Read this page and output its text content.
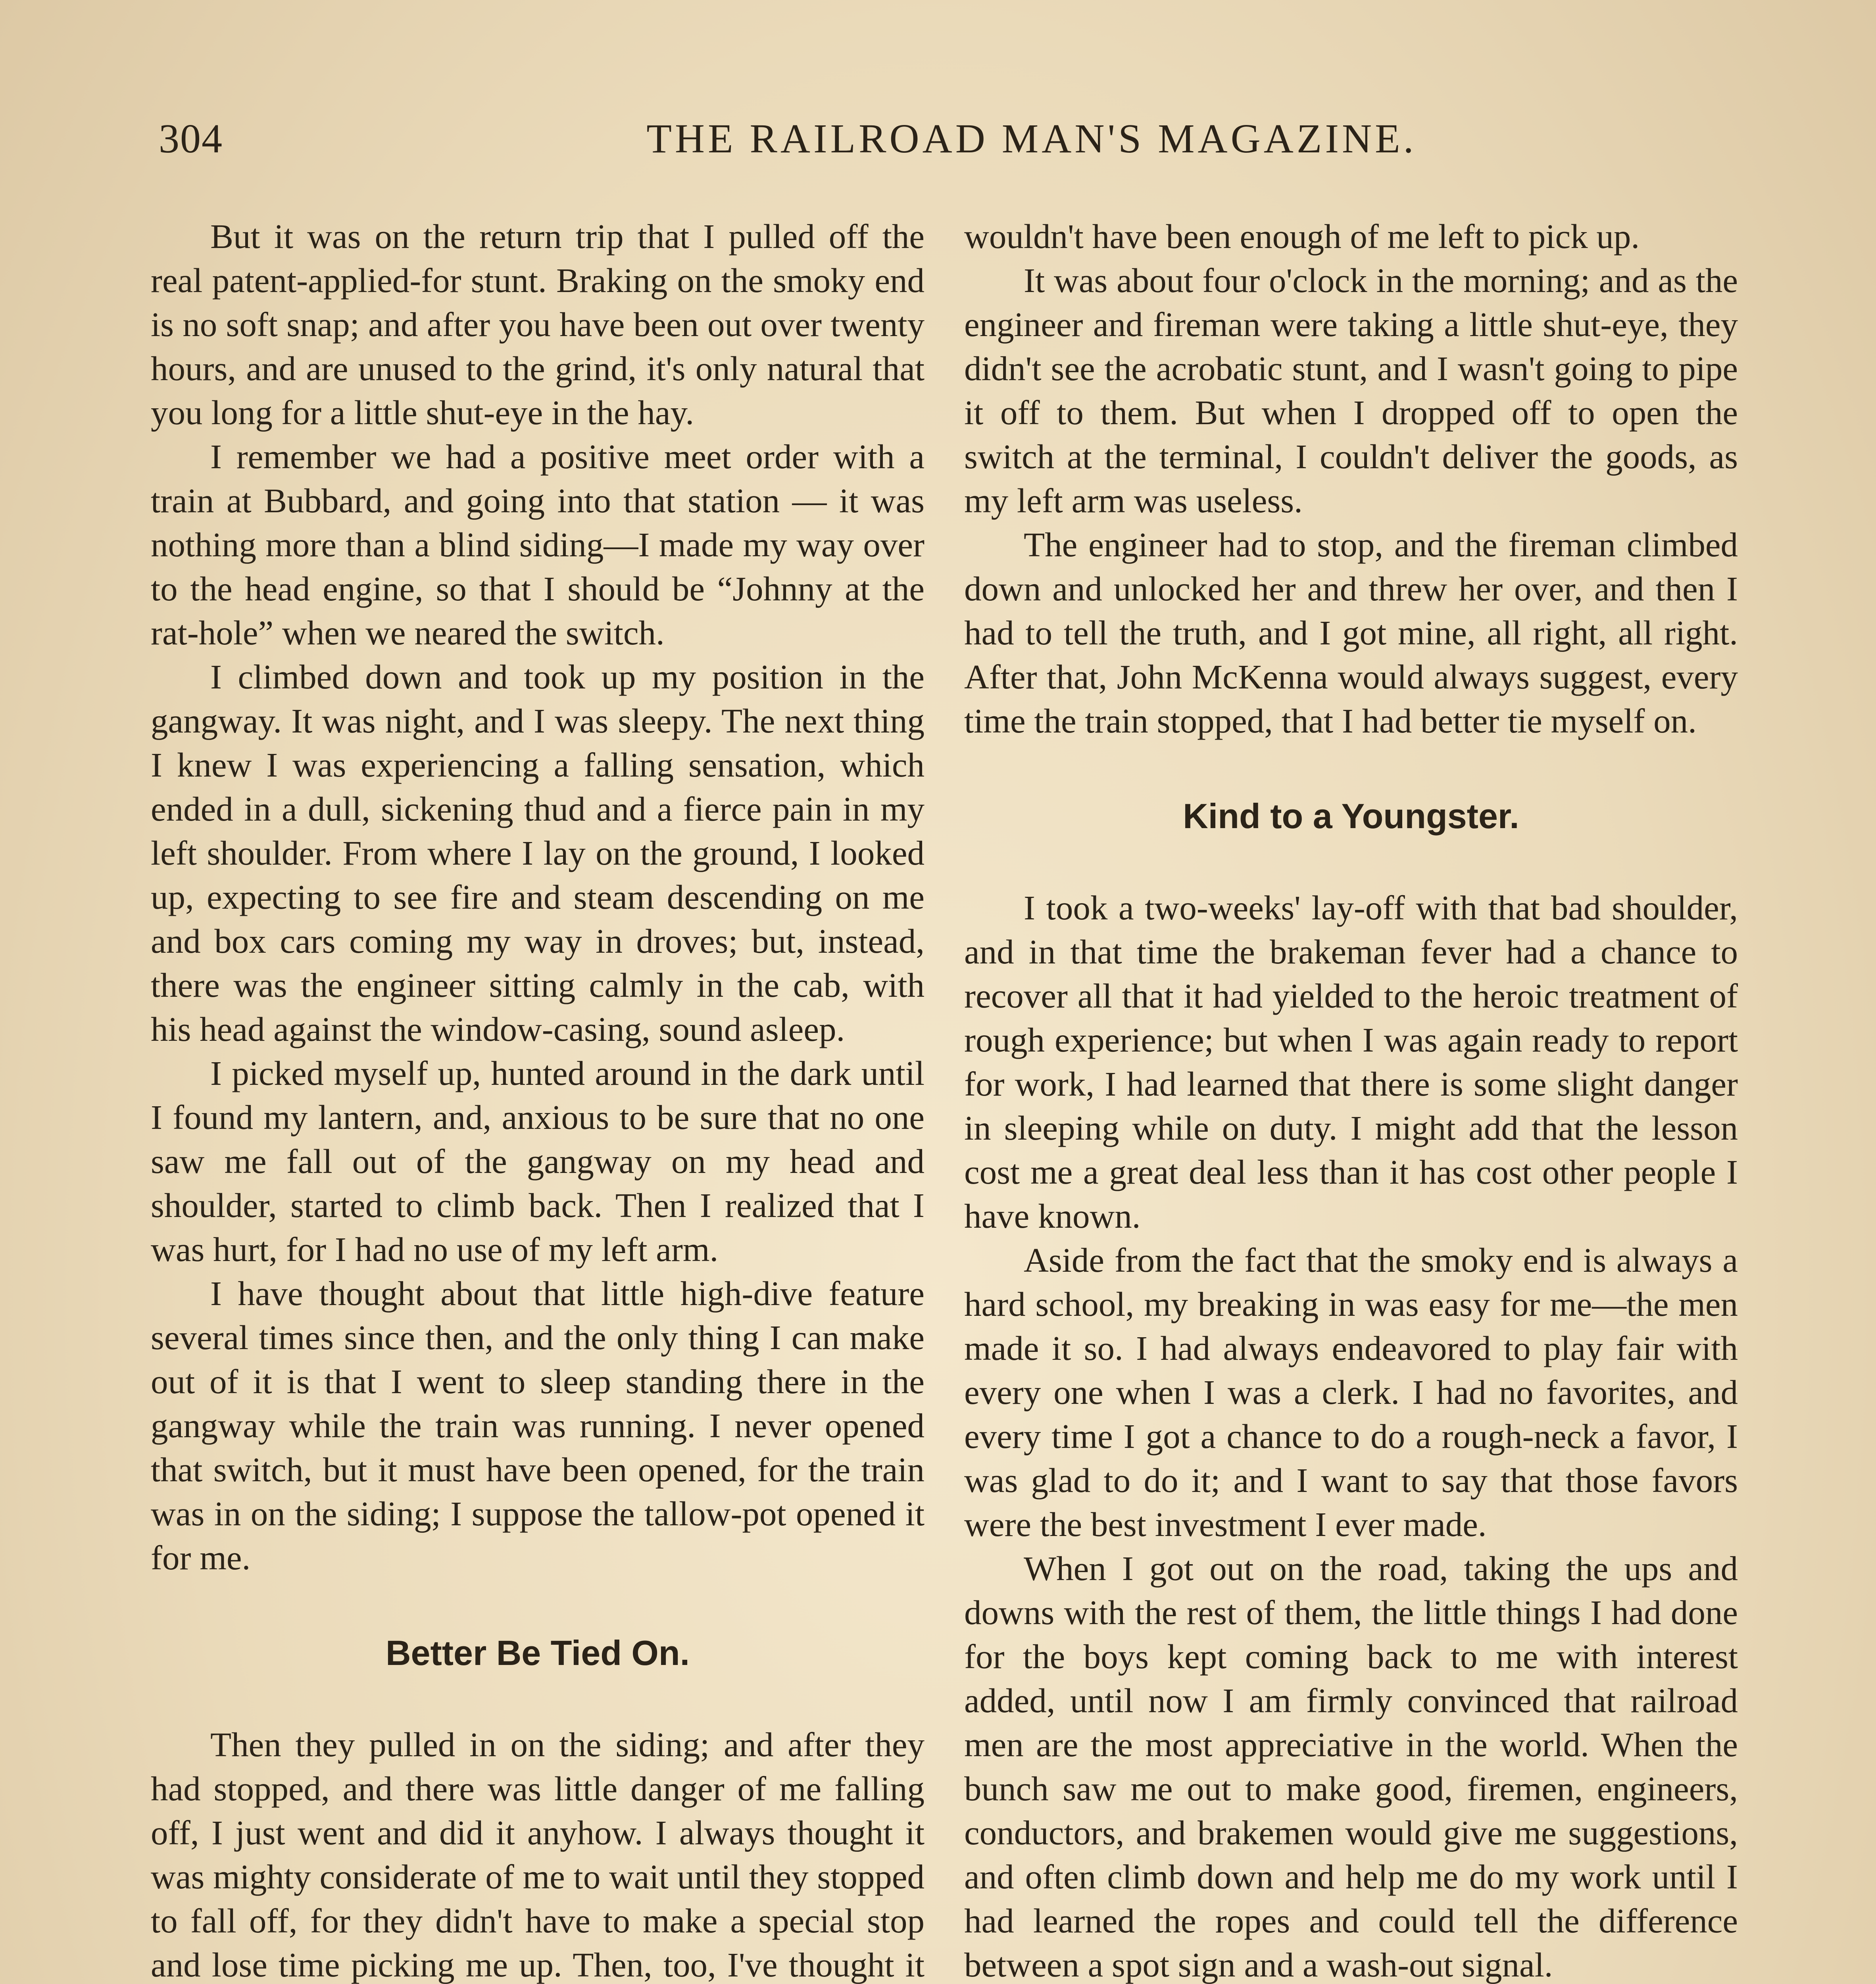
304	THE RAILROAD MAN'S MAGAZINE.

But it was on the return trip that I pulled off the real patent-applied-for stunt. Braking on the smoky end is no soft snap; and after you have been out over twenty hours, and are unused to the grind, it's only natural that you long for a little shut-eye in the hay.

I remember we had a positive meet order with a train at Bubbard, and going into that station — it was nothing more than a blind siding—I made my way over to the head engine, so that I should be “Johnny at the rat-hole” when we neared the switch.

I climbed down and took up my position in the gangway. It was night, and I was sleepy. The next thing I knew I was experiencing a falling sensation, which ended in a dull, sickening thud and a fierce pain in my left shoulder. From where I lay on the ground, I looked up, expecting to see fire and steam descending on me and box cars coming my way in droves; but, instead, there was the engineer sitting calmly in the cab, with his head against the window-casing, sound asleep.

I picked myself up, hunted around in the dark until I found my lantern, and, anxious to be sure that no one saw me fall out of the gangway on my head and shoulder, started to climb back. Then I realized that I was hurt, for I had no use of my left arm.

I have thought about that little high-dive feature several times since then, and the only thing I can make out of it is that I went to sleep standing there in the gangway while the train was running. I never opened that switch, but it must have been opened, for the train was in on the siding; I suppose the tallow-pot opened it for me.

Better Be Tied On.

Then they pulled in on the siding; and after they had stopped, and there was little danger of me falling off, I just went and did it anyhow. I always thought it was mighty considerate of me to wait until they stopped to fall off, for they didn't have to make a special stop and lose time picking me up. Then, too, I've thought it

wouldn't have been enough of me left to pick up.

It was about four o'clock in the morning; and as the engineer and fireman were taking a little shut-eye, they didn't see the acrobatic stunt, and I wasn't going to pipe it off to them. But when I dropped off to open the switch at the terminal, I couldn't deliver the goods, as my left arm was useless.

The engineer had to stop, and the fireman climbed down and unlocked her and threw her over, and then I had to tell the truth, and I got mine, all right, all right. After that, John McKenna would always suggest, every time the train stopped, that I had better tie myself on.

Kind to a Youngster.

I took a two-weeks' lay-off with that bad shoulder, and in that time the brakeman fever had a chance to recover all that it had yielded to the heroic treatment of rough experience; but when I was again ready to report for work, I had learned that there is some slight danger in sleeping while on duty. I might add that the lesson cost me a great deal less than it has cost other people I have known.

Aside from the fact that the smoky end is always a hard school, my breaking in was easy for me—the men made it so. I had always endeavored to play fair with every one when I was a clerk. I had no favorites, and every time I got a chance to do a rough-neck a favor, I was glad to do it; and I want to say that those favors were the best investment I ever made.

When I got out on the road, taking the ups and downs with the rest of them, the little things I had done for the boys kept coming back to me with interest added, until now I am firmly convinced that railroad men are the most appreciative in the world. When the bunch saw me out to make good, firemen, engineers, conductors, and brakemen would give me suggestions, and often climb down and help me do my work until I had learned the ropes and could tell the difference between a spot sign and a wash-out signal.
